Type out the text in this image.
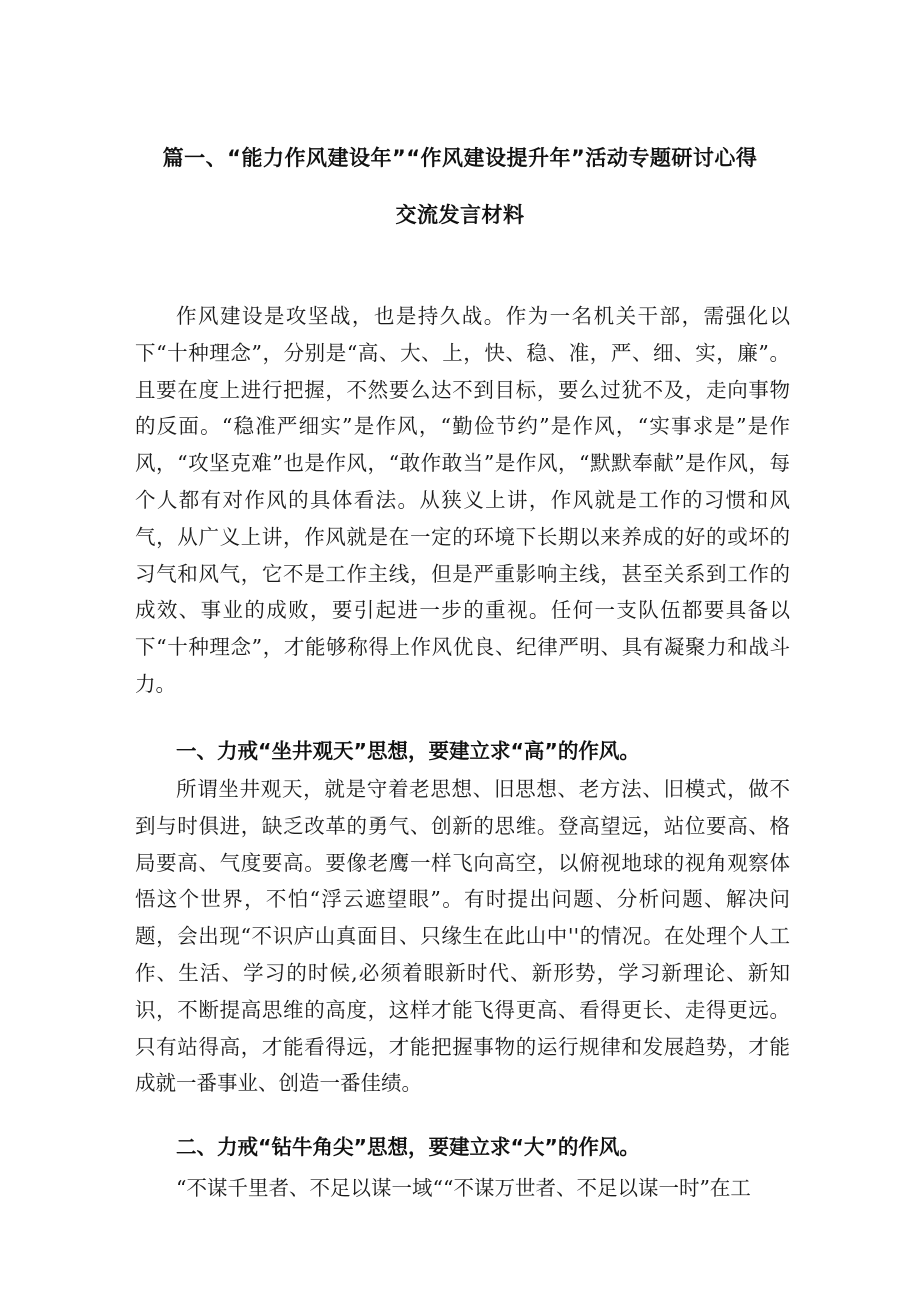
篇一、“能力作风建设年”“作风建设提升年”活动专题研讨心得
交流发言材料

作风建设是攻坚战，也是持久战。作为一名机关干部，需强化以下“十种理念”，分别是“高、大、上，快、稳、准，严、细、实，廉”。且要在度上进行把握，不然要么达不到目标，要么过犹不及，走向事物的反面。“稳准严细实”是作风，“勤俭节约”是作风，“实事求是”是作风，“攻坚克难”也是作风，“敢作敢当”是作风，“默默奉献”是作风，每个人都有对作风的具体看法。从狭义上讲，作风就是工作的习惯和风气，从广义上讲，作风就是在一定的环境下长期以来养成的好的或坏的习气和风气，它不是工作主线，但是严重影响主线，甚至关系到工作的成效、事业的成败，要引起进一步的重视。任何一支队伍都要具备以下“十种理念”，才能够称得上作风优良、纪律严明、具有凝聚力和战斗力。

一、力戒“坐井观天”思想，要建立求“高”的作风。

所谓坐井观天，就是守着老思想、旧思想、老方法、旧模式，做不到与时俱进，缺乏改革的勇气、创新的思维。登高望远，站位要高、格局要高、气度要高。要像老鹰一样飞向高空，以俯视地球的视角观察体悟这个世界，不怕“浮云遮望眼”。有时提出问题、分析问题、解决问题，会出现“不识庐山真面目、只缘生在此山中''的情况。在处理个人工作、生活、学习的时候,必须着眼新时代、新形势，学习新理论、新知识，不断提高思维的高度，这样才能飞得更高、看得更长、走得更远。只有站得高，才能看得远，才能把握事物的运行规律和发展趋势，才能成就一番事业、创造一番佳绩。

二、力戒“钻牛角尖”思想，要建立求“大”的作风。

“不谋千里者、不足以谋一域““不谋万世者、不足以谋一时”在工
